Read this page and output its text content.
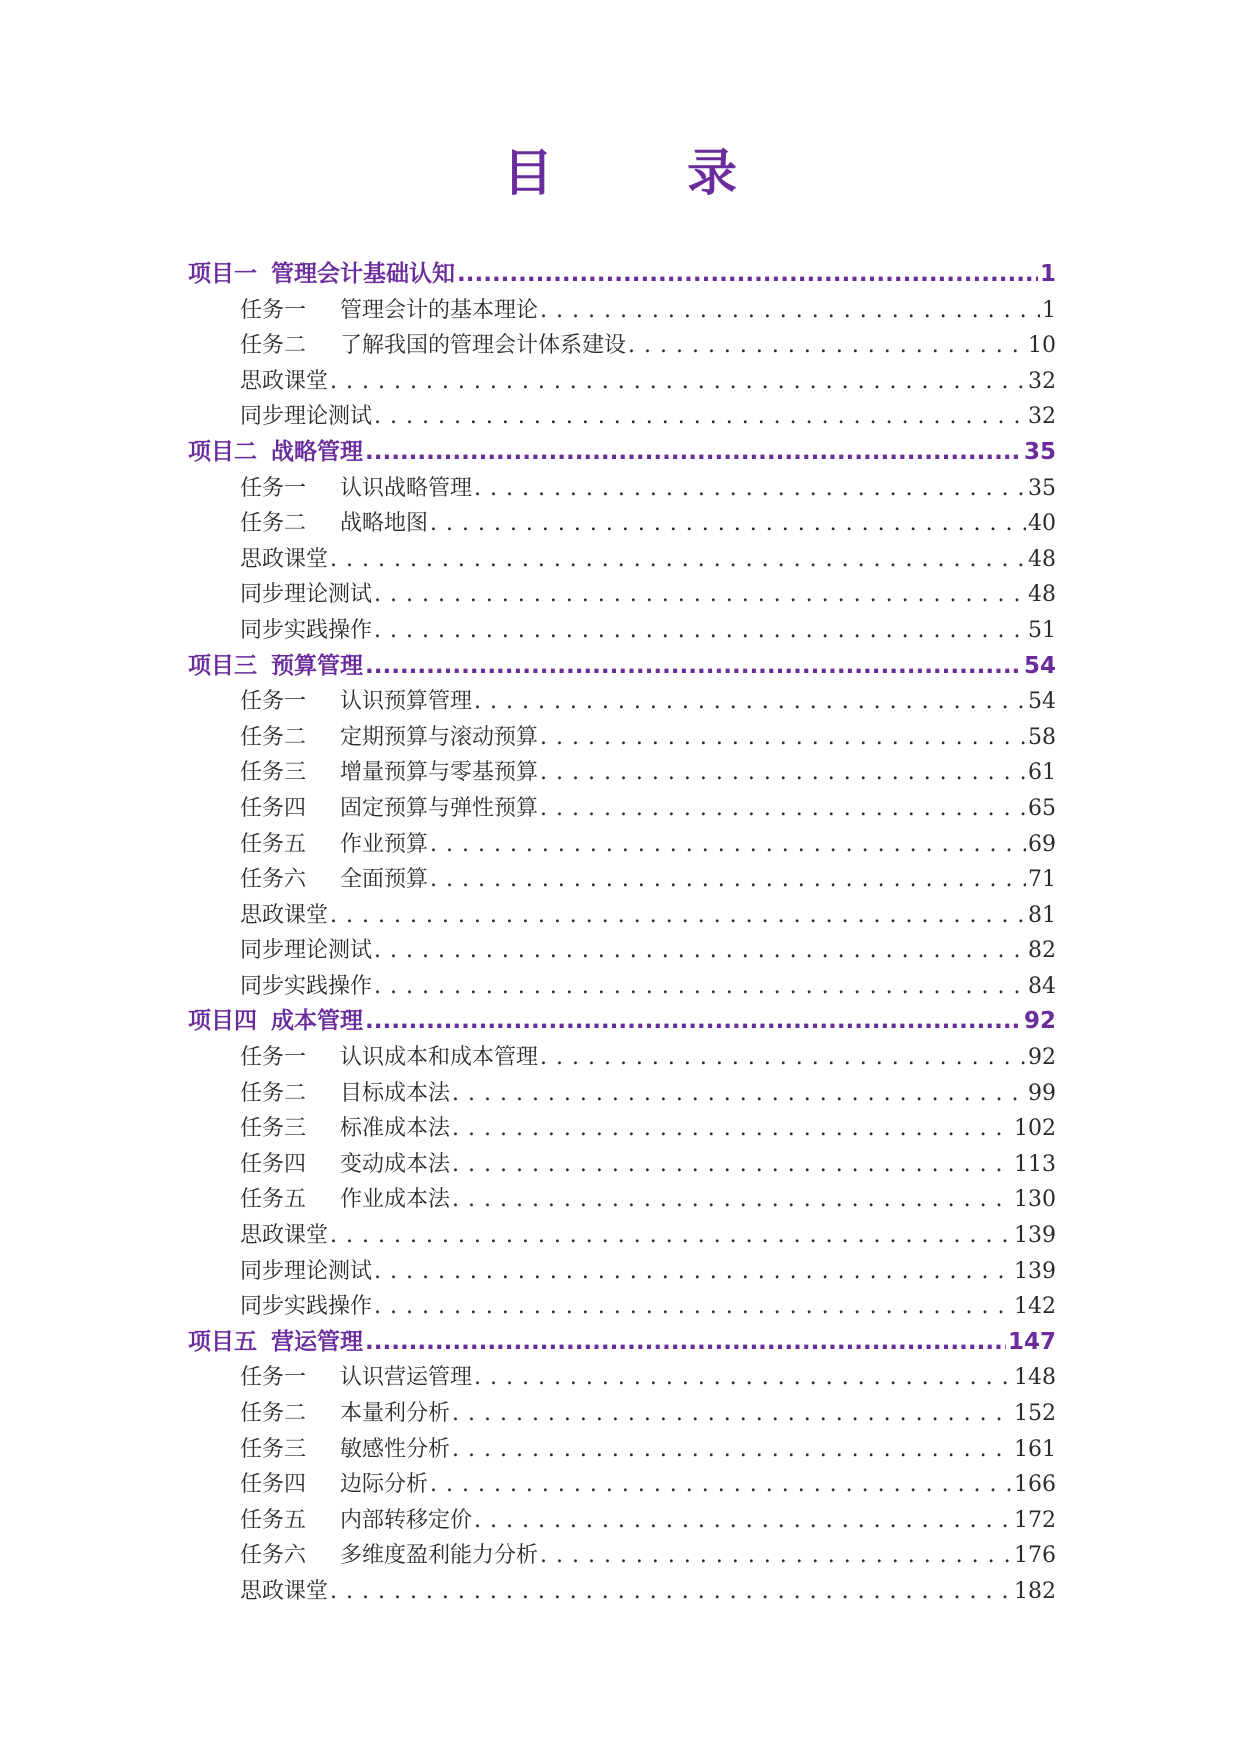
目　录
项目一 管理会计基础认知 .....	1
任务一 管理会计的基本理论 . . .	1
任务二 了解我国的管理会计体系建设 . . .	10
思政课堂 . . .	32
同步理论测试 . . .	32
项目二 战略管理 .....	35
任务一 认识战略管理 . . .	35
任务二 战略地图 . . .	40
思政课堂 . . .	48
同步理论测试 . . .	48
同步实践操作 . . .	51
项目三 预算管理 .....	54
任务一 认识预算管理 . . .	54
任务二 定期预算与滚动预算 . . .	58
任务三 增量预算与零基预算 . . .	61
任务四 固定预算与弹性预算 . . .	65
任务五 作业预算 . . .	69
任务六 全面预算 . . .	71
思政课堂 . . .	81
同步理论测试 . . .	82
同步实践操作 . . .	84
项目四 成本管理 .....	92
任务一 认识成本和成本管理 . . .	92
任务二 目标成本法 . . .	99
任务三 标准成本法 . . .	102
任务四 变动成本法 . . .	113
任务五 作业成本法 . . .	130
思政课堂 . . .	139
同步理论测试 . . .	139
同步实践操作 . . .	142
项目五 营运管理 .....	147
任务一 认识营运管理 . . .	148
任务二 本量利分析 . . .	152
任务三 敏感性分析 . . .	161
任务四 边际分析 . . .	166
任务五 内部转移定价 . . .	172
任务六 多维度盈利能力分析 . . .	176
思政课堂 . . .	182
